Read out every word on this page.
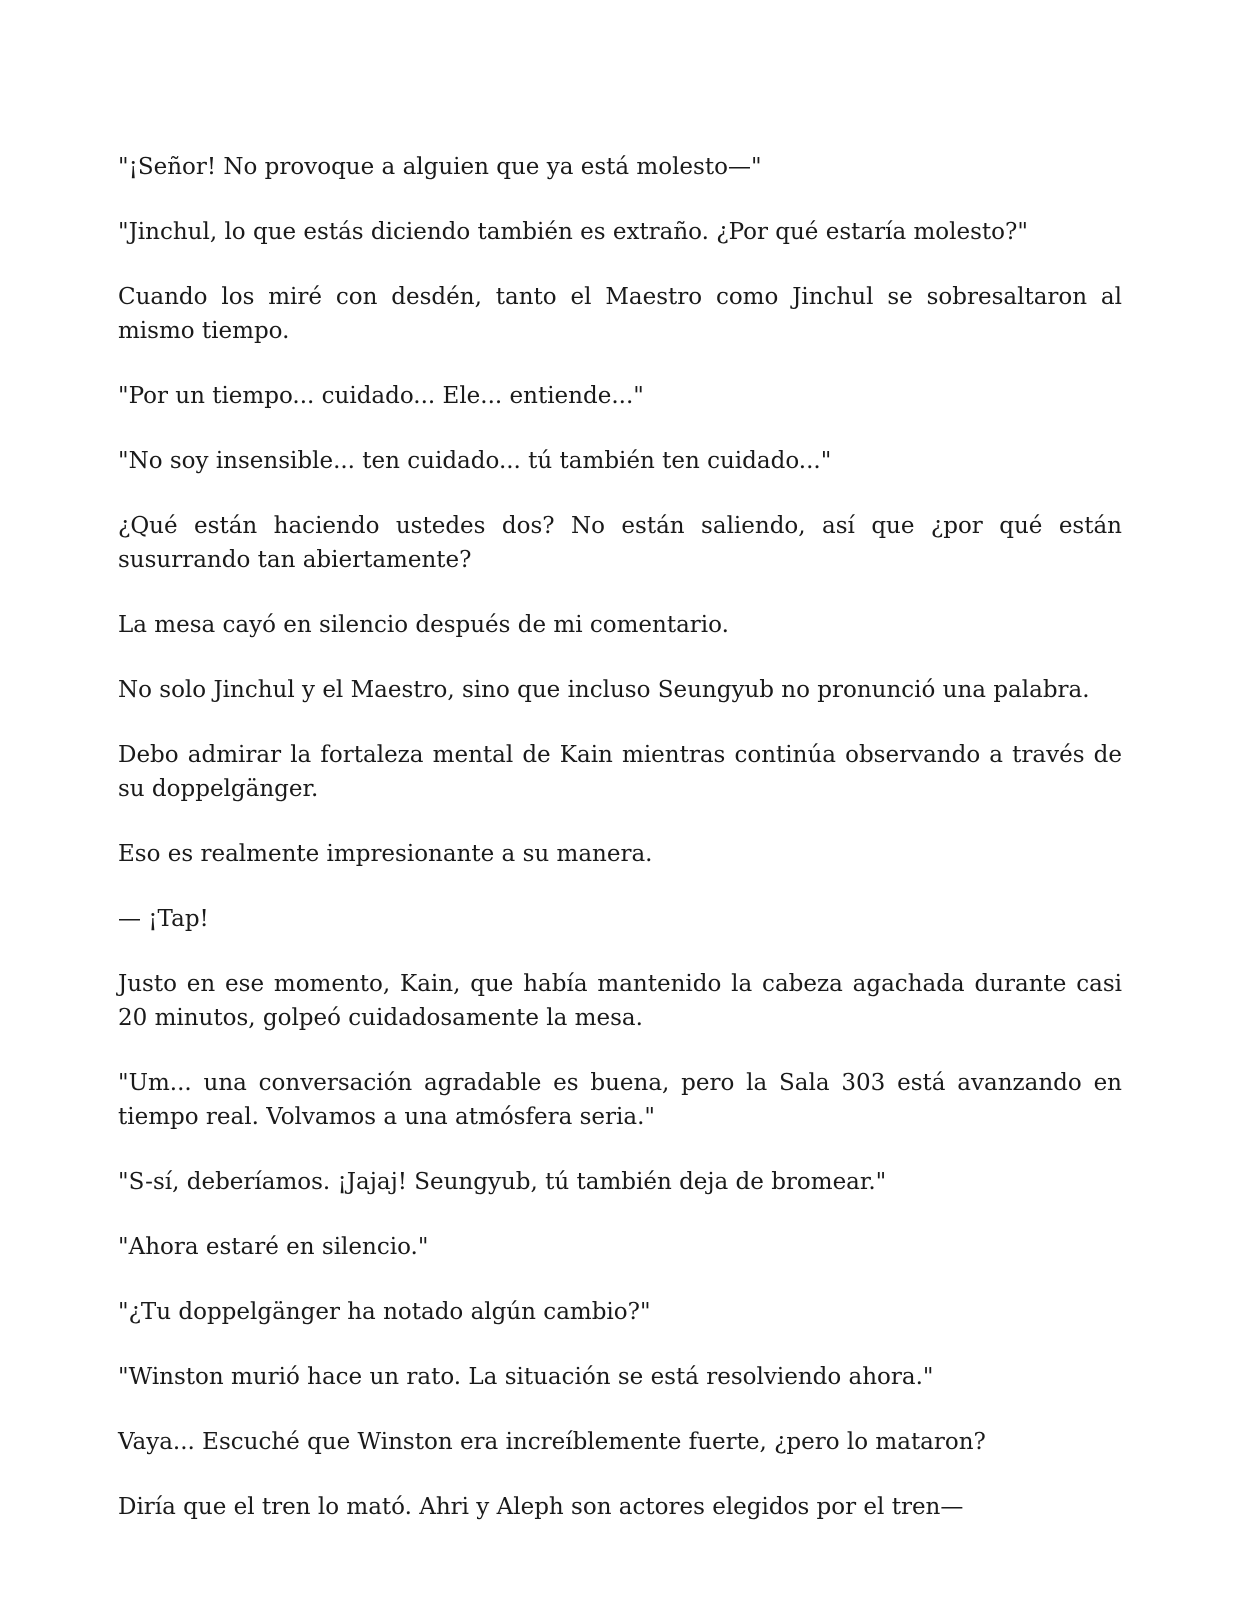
"¡Señor! No provoque a alguien que ya está molesto—"

"Jinchul, lo que estás diciendo también es extraño. ¿Por qué estaría molesto?"

Cuando los miré con desdén, tanto el Maestro como Jinchul se sobresaltaron al mismo tiempo.

"Por un tiempo... cuidado... Ele... entiende..."

"No soy insensible... ten cuidado... tú también ten cuidado..."

¿Qué están haciendo ustedes dos? No están saliendo, así que ¿por qué están susurrando tan abiertamente?

La mesa cayó en silencio después de mi comentario.

No solo Jinchul y el Maestro, sino que incluso Seungyub no pronunció una palabra.

Debo admirar la fortaleza mental de Kain mientras continúa observando a través de su doppelgänger.

Eso es realmente impresionante a su manera.

— ¡Tap!

Justo en ese momento, Kain, que había mantenido la cabeza agachada durante casi 20 minutos, golpeó cuidadosamente la mesa.

"Um... una conversación agradable es buena, pero la Sala 303 está avanzando en tiempo real. Volvamos a una atmósfera seria."

"S-sí, deberíamos. ¡Jajaj! Seungyub, tú también deja de bromear."

"Ahora estaré en silencio."

"¿Tu doppelgänger ha notado algún cambio?"

"Winston murió hace un rato. La situación se está resolviendo ahora."

Vaya... Escuché que Winston era increíblemente fuerte, ¿pero lo mataron?

Diría que el tren lo mató. Ahri y Aleph son actores elegidos por el tren—
